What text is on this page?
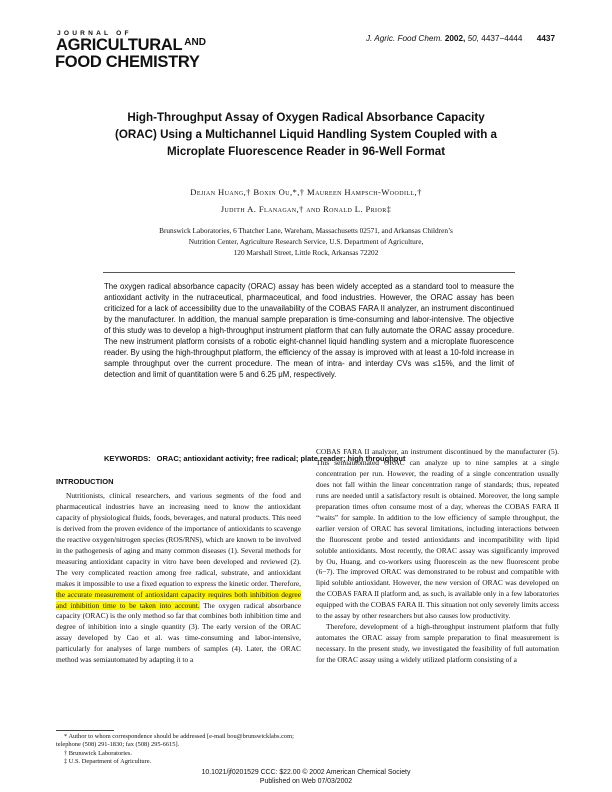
JOURNAL OF
AGRICULTURAL $^{AND}$
FOOD CHEMISTRY
J. Agric. Food Chem. 2002, 50, 4437−4444 4437
High-Throughput Assay of Oxygen Radical Absorbance Capacity (ORAC) Using a Multichannel Liquid Handling System Coupled with a Microplate Fluorescence Reader in 96-Well Format
Dejian Huang,† Boxin Ou,*,† Maureen Hampsch-Woodill,†
Judith A. Flanagan,† and Ronald L. Prior‡
Brunswick Laboratories, 6 Thatcher Lane, Wareham, Massachusetts 02571, and Arkansas Children’s
Nutrition Center, Agriculture Research Service, U.S. Department of Agriculture,
120 Marshall Street, Little Rock, Arkansas 72202
The oxygen radical absorbance capacity (ORAC) assay has been widely accepted as a standard tool to measure the antioxidant activity in the nutraceutical, pharmaceutical, and food industries. However, the ORAC assay has been criticized for a lack of accessibility due to the unavailability of the COBAS FARA II analyzer, an instrument discontinued by the manufacturer. In addition, the manual sample preparation is time-consuming and labor-intensive. The objective of this study was to develop a high-throughput instrument platform that can fully automate the ORAC assay procedure. The new instrument platform consists of a robotic eight-channel liquid handling system and a microplate fluorescence reader. By using the high-throughput platform, the efficiency of the assay is improved with at least a 10-fold increase in sample throughput over the current procedure. The mean of intra- and interday CVs was ≤15%, and the limit of detection and limit of quantitation were 5 and 6.25 μM, respectively.
KEYWORDS: ORAC; antioxidant activity; free radical; plate reader; high throughput
INTRODUCTION
Nutritionists, clinical researchers, and various segments of the food and pharmaceutical industries have an increasing need to know the antioxidant capacity of physiological fluids, foods, beverages, and natural products. This need is derived from the proven evidence of the importance of antioxidants to scavenge the reactive oxygen/nitrogen species (ROS/RNS), which are known to be involved in the pathogenesis of aging and many common diseases (1). Several methods for measuring antioxidant capacity in vitro have been developed and reviewed (2). The very complicated reaction among free radical, substrate, and antioxidant makes it impossible to use a fixed equation to express the kinetic order. Therefore, the accurate measurement of antioxidant capacity requires both inhibition degree and inhibition time to be taken into account. The oxygen radical absorbance capacity (ORAC) is the only method so far that combines both inhibition time and degree of inhibition into a single quantity (3). The early version of the ORAC assay developed by Cao et al. was time-consuming and labor-intensive, particularly for analyses of large numbers of samples (4). Later, the ORAC method was semiautomated by adapting it to a
COBAS FARA II analyzer, an instrument discontinued by the manufacturer (5). This semiautomated ORAC can analyze up to nine samples at a single concentration per run. However, the reading of a single concentration usually does not fall within the linear concentration range of standards; thus, repeated runs are needed until a satisfactory result is obtained. Moreover, the long sample preparation times often consume most of a day, whereas the COBAS FARA II “waits” for sample. In addition to the low efficiency of sample throughput, the earlier version of ORAC has several limitations, including interactions between the fluorescent probe and tested antioxidants and incompatibility with lipid soluble antioxidants. Most recently, the ORAC assay was significantly improved by Ou, Huang, and co-workers using fluorescein as the new fluorescent probe (6−7). The improved ORAC was demonstrated to be robust and compatible with lipid soluble antioxidant. However, the new version of ORAC was developed on the COBAS FARA II platform and, as such, is available only in a few laboratories equipped with the COBAS FARA II. This situation not only severely limits access to the assay by other researchers but also causes low productivity.
Therefore, development of a high-throughput instrument platform that fully automates the ORAC assay from sample preparation to final measurement is necessary. In the present study, we investigated the feasibility of full automation for the ORAC assay using a widely utilized platform consisting of a
* Author to whom correspondence should be addressed [e-mail bou@brunswicklabs.com; telephone (508) 291-1830; fax (508) 295-6615].
† Brunswick Laboratories.
‡ U.S. Department of Agriculture.
10.1021/jf0201529 CCC: $22.00 © 2002 American Chemical Society
Published on Web 07/03/2002
